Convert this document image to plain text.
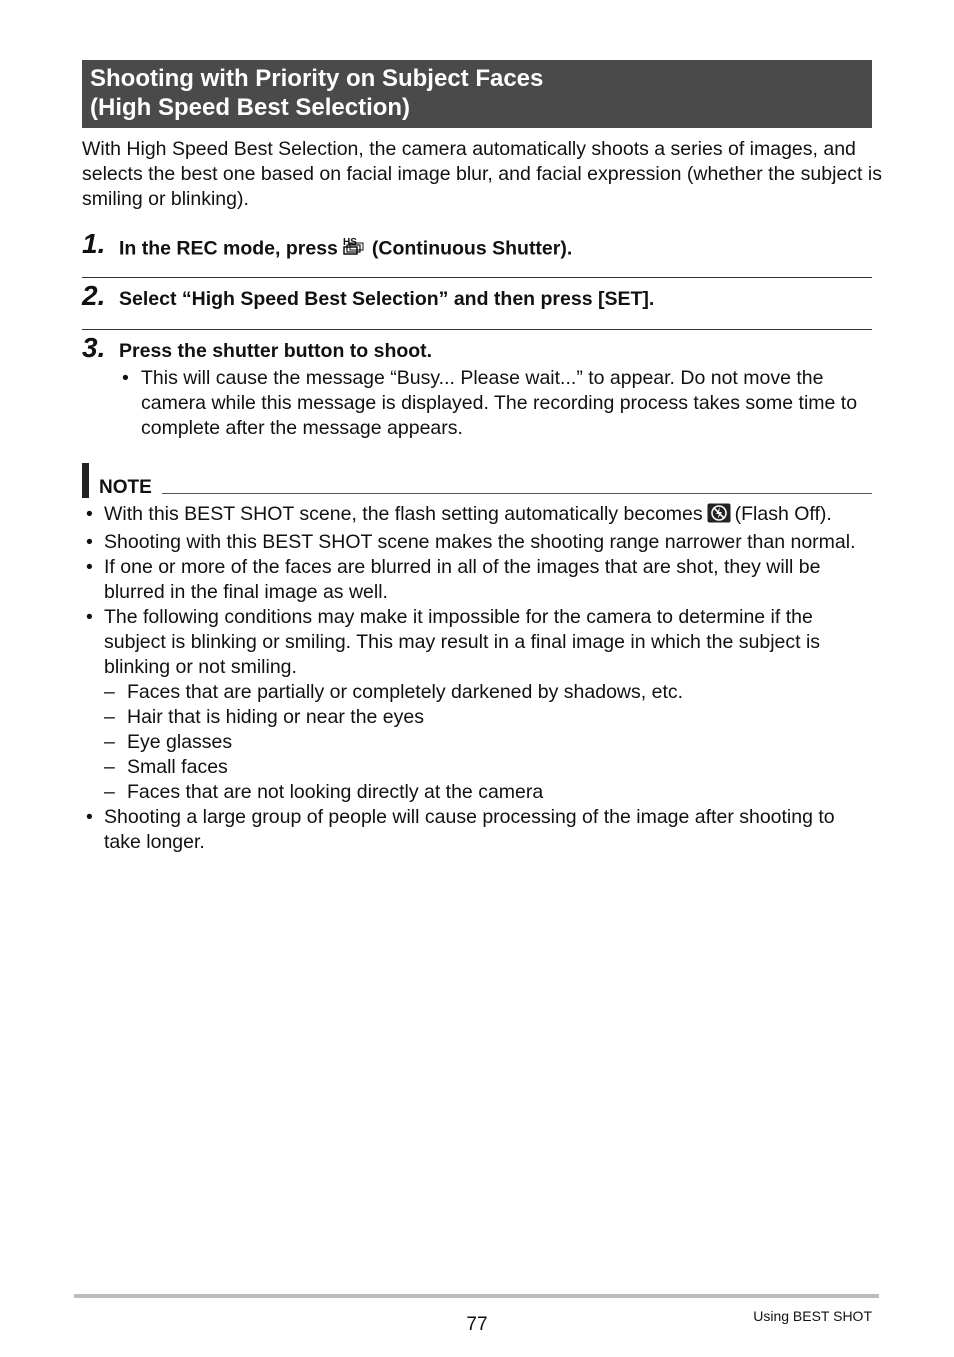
Shooting with Priority on Subject Faces
(High Speed Best Selection)
With High Speed Best Selection, the camera automatically shoots a series of images, and selects the best one based on facial image blur, and facial expression (whether the subject is smiling or blinking).
1. In the REC mode, press HS (Continuous Shutter).
2. Select “High Speed Best Selection” and then press [SET].
3. Press the shutter button to shoot.
• This will cause the message “Busy... Please wait...” to appear. Do not move the camera while this message is displayed. The recording process takes some time to complete after the message appears.
NOTE
• With this BEST SHOT scene, the flash setting automatically becomes (Flash Off).
• Shooting with this BEST SHOT scene makes the shooting range narrower than normal.
• If one or more of the faces are blurred in all of the images that are shot, they will be blurred in the final image as well.
• The following conditions may make it impossible for the camera to determine if the subject is blinking or smiling. This may result in a final image in which the subject is blinking or not smiling.
– Faces that are partially or completely darkened by shadows, etc.
– Hair that is hiding or near the eyes
– Eye glasses
– Small faces
– Faces that are not looking directly at the camera
• Shooting a large group of people will cause processing of the image after shooting to take longer.
77	Using BEST SHOT
